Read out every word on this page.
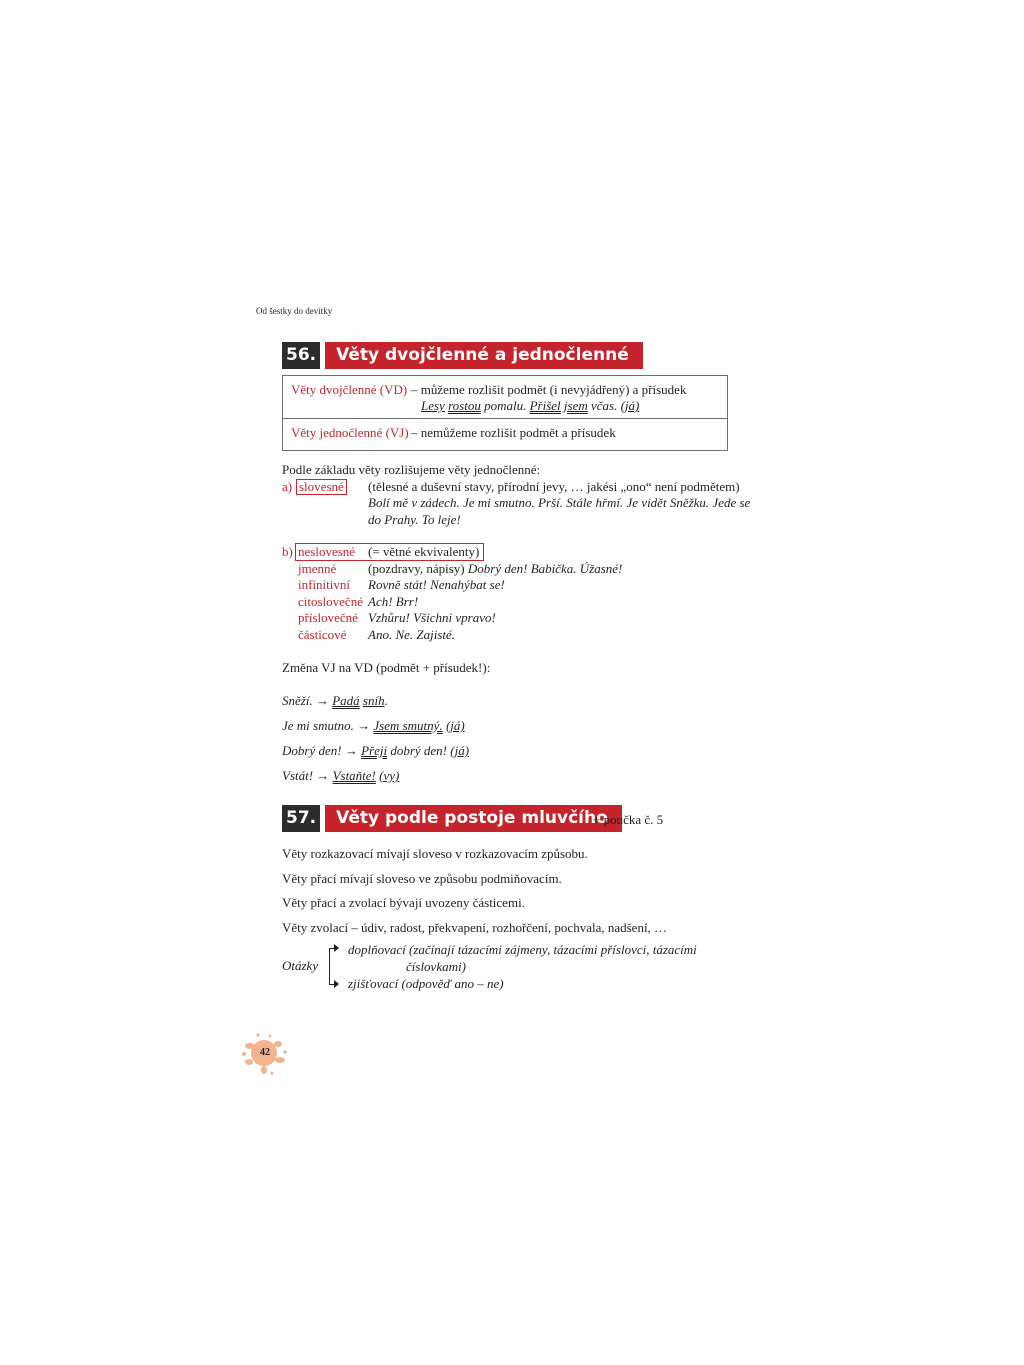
Od šestky do devítky
56.	Věty dvojčlenné a jednočlenné
Věty dvojčlenné (VD) – můžeme rozlišit podmět (i nevyjádřený) a přísudek
Lesy rostou pomalu. Přišel jsem včas. (já)
Věty jednočlenné (VJ) – nemůžeme rozlišit podmět a přísudek
Podle základu věty rozlišujeme věty jednočlenné:
a) slovesné (tělesné a duševní stavy, přírodní jevy, … jakési „ono“ není podmětem)
Bolí mě v zádech. Je mi smutno. Prší. Stále hřmí. Je vidět Sněžku. Jede se
do Prahy. To leje!
b) neslovesné (= větné ekvivalenty)
jmenné (pozdravy, nápisy) Dobrý den! Babička. Úžasné!
infinitivní Rovně stát! Nenahýbat se!
citoslovečné Ach! Brr!
příslovečné Vzhůru! Všichni vpravo!
částicové Ano. Ne. Zajisté.
Změna VJ na VD (podmět + přísudek!):
Sněží. → Padá sníh.
Je mi smutno. → Jsem smutný. (já)
Dobrý den! → Přeji dobrý den! (já)
Vstát! → Vstaňte! (vy)
57.	Věty podle postoje mluvčího
+ poučka č. 5
Věty rozkazovací mívají sloveso v rozkazovacím způsobu.
Věty přací mívají sloveso ve způsobu podmiňovacím.
Věty přací a zvolací bývají uvozeny částicemi.
Věty zvolací – údiv, radost, překvapení, rozhořčení, pochvala, nadšení, …
Otázky
doplňovací (začínají tázacími zájmeny, tázacími příslovci, tázacími
číslovkami)
zjišťovací (odpověď ano – ne)
42
